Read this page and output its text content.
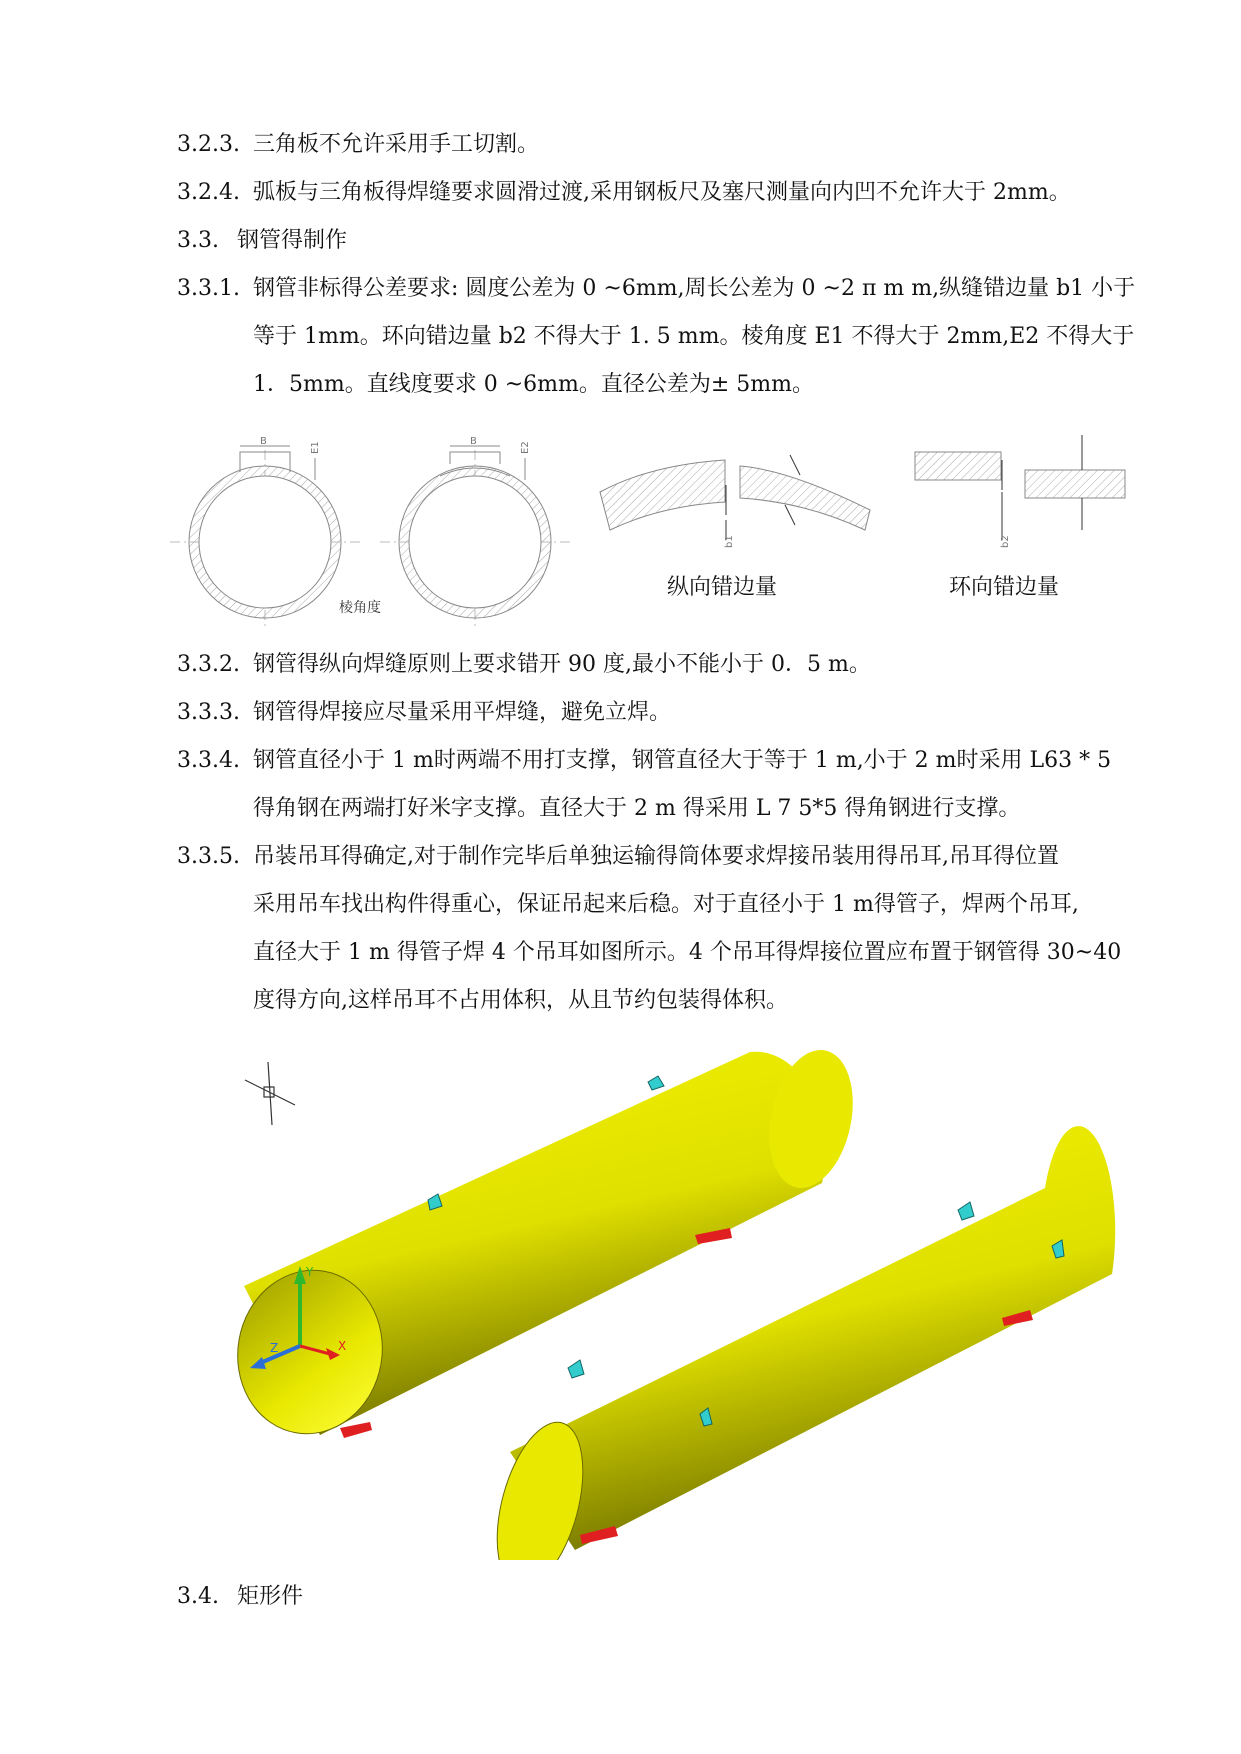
3.2.3. 三角板不允许采用手工切割。
3.2.4. 弧板与三角板得焊缝要求圆滑过渡,采用钢板尺及塞尺测量向内凹不允许大于 2mm。
3.3. 钢管得制作
3.3.1. 钢管非标得公差要求: 圆度公差为 0 ~6mm,周长公差为 0 ~2 π m m,纵缝错边量 b1 小于
等于 1mm。环向错边量 b2 不得大于 1. 5 mm。棱角度 E1 不得大于 2mm,E2 不得大于
1．5mm。直线度要求 0 ~6mm。直径公差为± 5mm。
B	E1	B	E2
b1	b2
棱角度
纵向错边量	环向错边量
3.3.2. 钢管得纵向焊缝原则上要求错开 90 度,最小不能小于 0．5 m。
3.3.3. 钢管得焊接应尽量采用平焊缝，避免立焊。
3.3.4. 钢管直径小于 1 m时两端不用打支撑，钢管直径大于等于 1 m,小于 2 m时采用 L63 * 5
得角钢在两端打好米字支撑。直径大于 2 m 得采用 L 7 5*5 得角钢进行支撑。
3.3.5. 吊装吊耳得确定,对于制作完毕后单独运输得筒体要求焊接吊装用得吊耳,吊耳得位置
采用吊车找出构件得重心，保证吊起来后稳。对于直径小于 1 m得管子，焊两个吊耳,
直径大于 1 m 得管子焊 4 个吊耳如图所示。4 个吊耳得焊接位置应布置于钢管得 30~40
度得方向,这样吊耳不占用体积，从且节约包装得体积。
Y
X
Z
3.4. 矩形件
